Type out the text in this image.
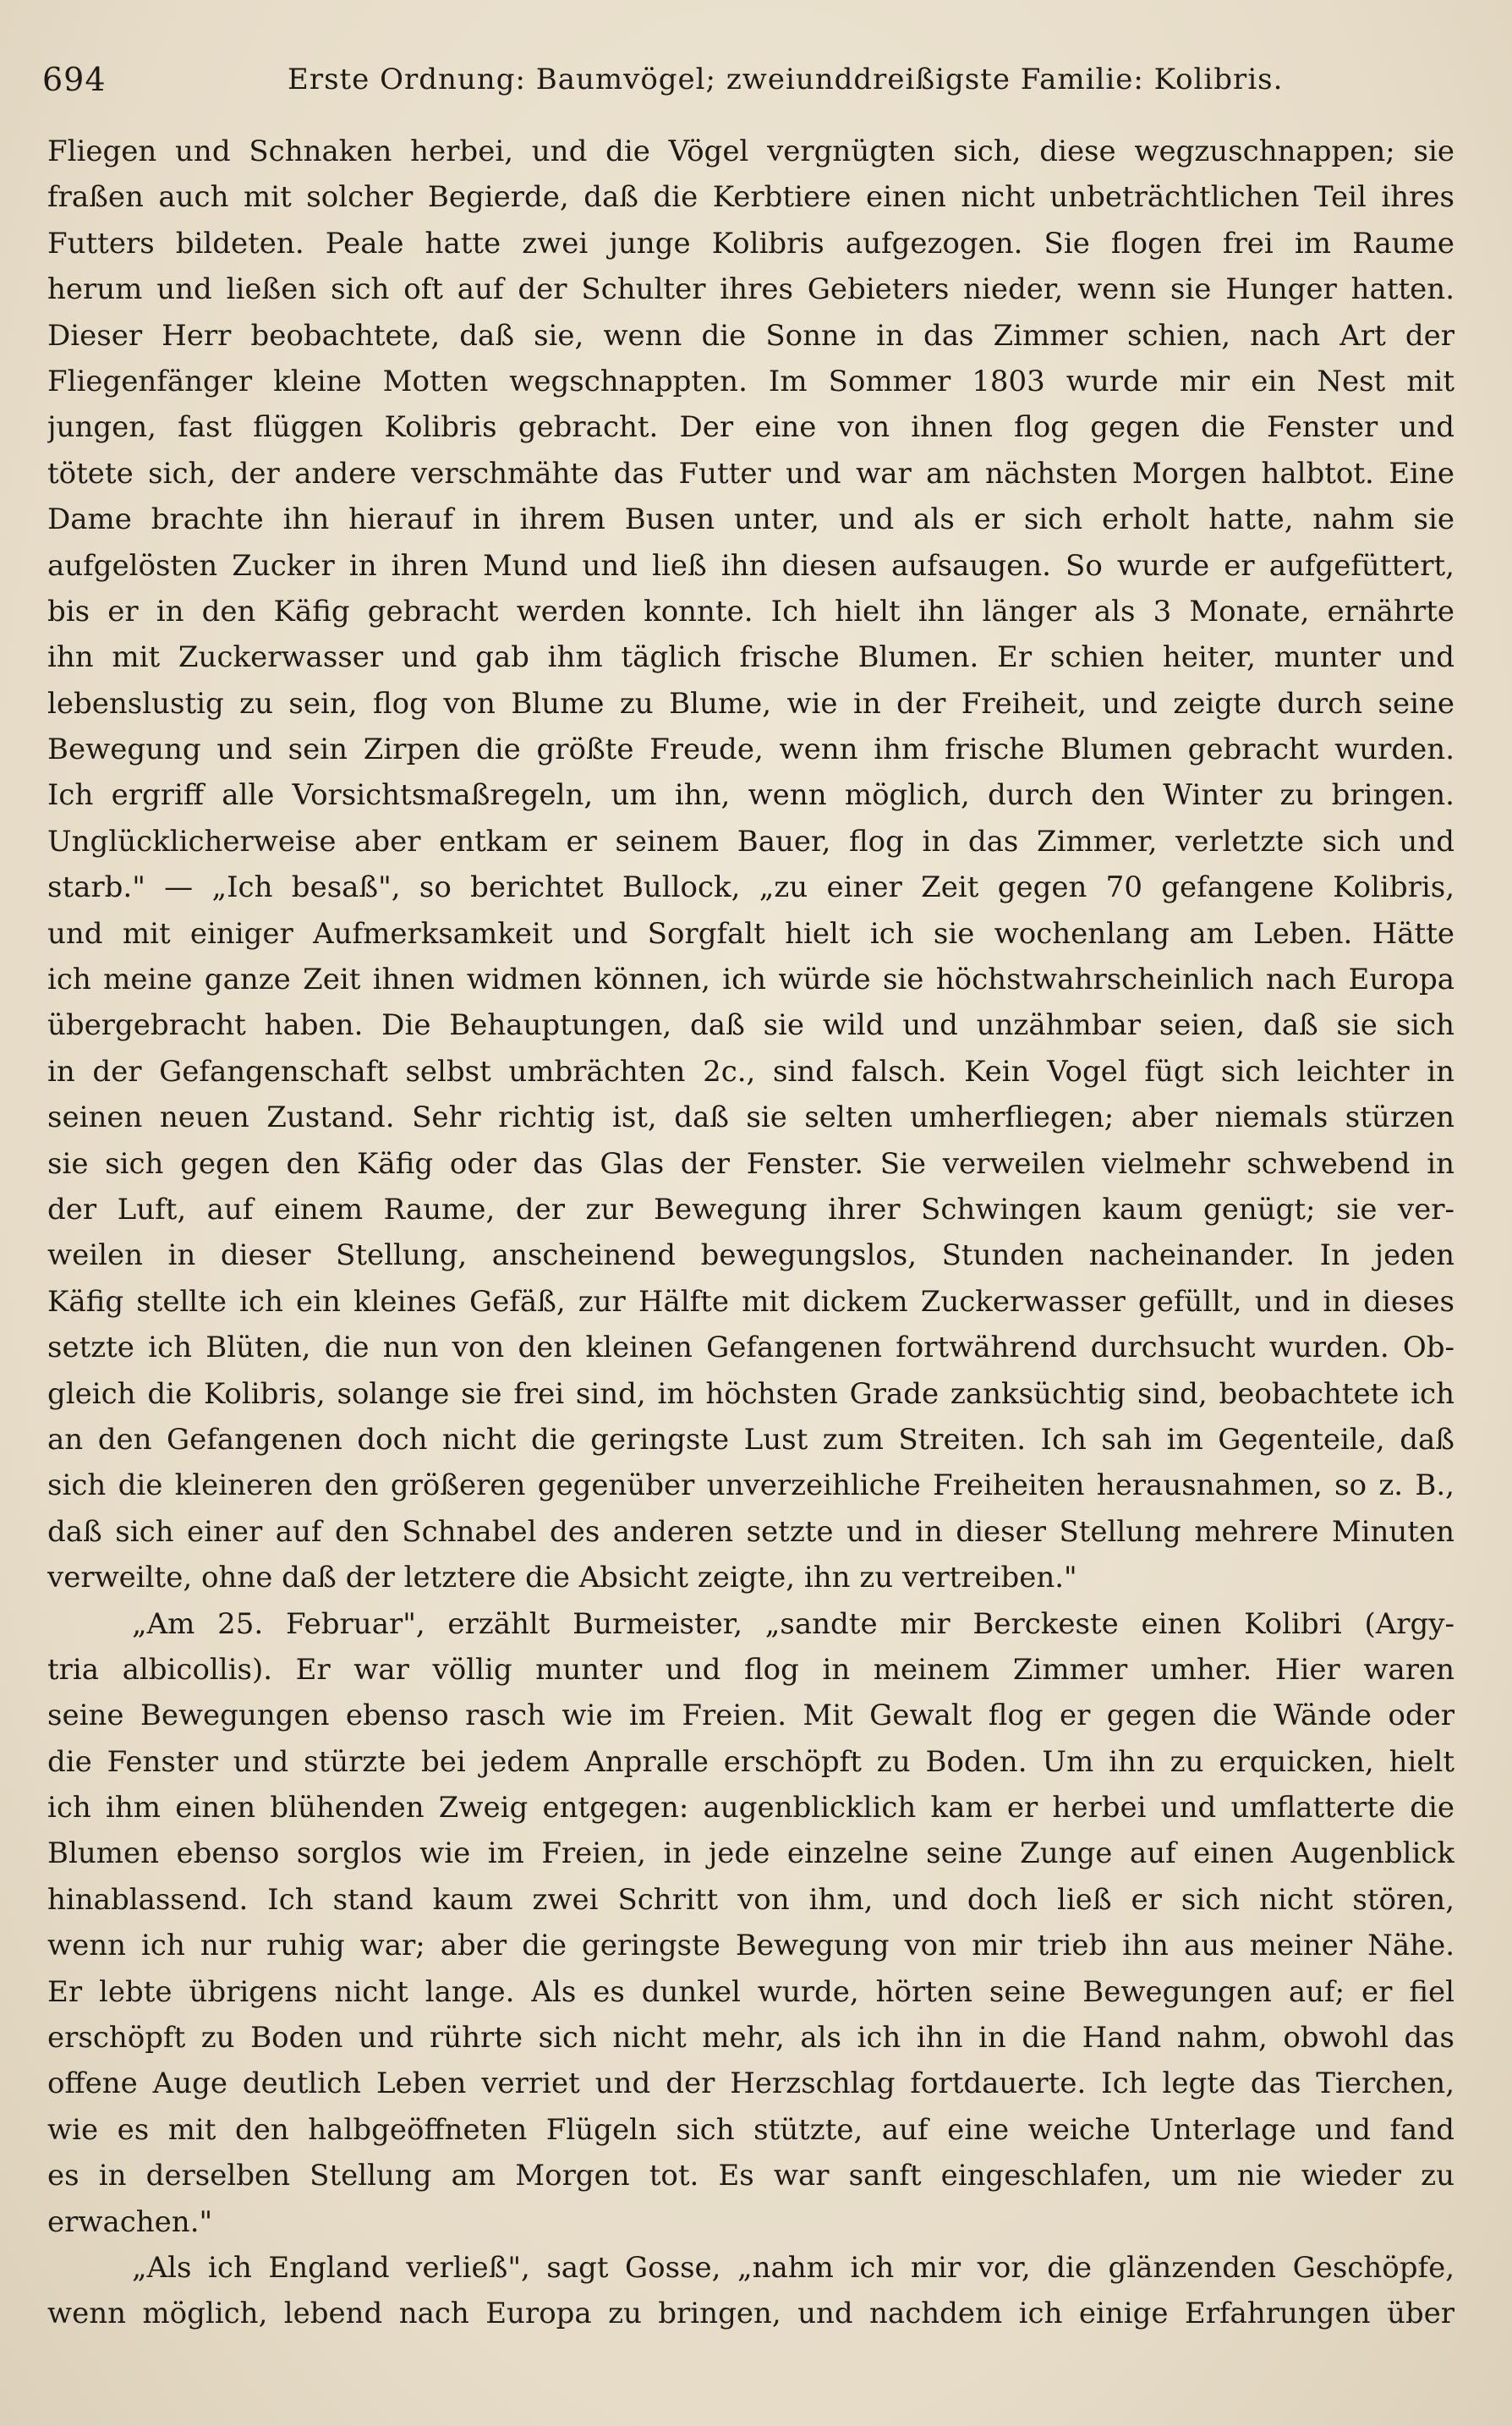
694	Erste Ordnung: Baumvögel; zweiunddreißigste Familie: Kolibris.
Fliegen und Schnaken herbei, und die Vögel vergnügten sich, diese wegzuschnappen; sie
fraßen auch mit solcher Begierde, daß die Kerbtiere einen nicht unbeträchtlichen Teil ihres
Futters bildeten. Peale hatte zwei junge Kolibris aufgezogen. Sie flogen frei im Raume
herum und ließen sich oft auf der Schulter ihres Gebieters nieder, wenn sie Hunger hatten.
Dieser Herr beobachtete, daß sie, wenn die Sonne in das Zimmer schien, nach Art der
Fliegenfänger kleine Motten wegschnappten. Im Sommer 1803 wurde mir ein Nest mit
jungen, fast flüggen Kolibris gebracht. Der eine von ihnen flog gegen die Fenster und
tötete sich, der andere verschmähte das Futter und war am nächsten Morgen halbtot. Eine
Dame brachte ihn hierauf in ihrem Busen unter, und als er sich erholt hatte, nahm sie
aufgelösten Zucker in ihren Mund und ließ ihn diesen aufsaugen. So wurde er aufgefüttert,
bis er in den Käfig gebracht werden konnte. Ich hielt ihn länger als 3 Monate, ernährte
ihn mit Zuckerwasser und gab ihm täglich frische Blumen. Er schien heiter, munter und
lebenslustig zu sein, flog von Blume zu Blume, wie in der Freiheit, und zeigte durch seine
Bewegung und sein Zirpen die größte Freude, wenn ihm frische Blumen gebracht wurden.
Ich ergriff alle Vorsichtsmaßregeln, um ihn, wenn möglich, durch den Winter zu bringen.
Unglücklicherweise aber entkam er seinem Bauer, flog in das Zimmer, verletzte sich und
starb." — „Ich besaß", so berichtet Bullock, „zu einer Zeit gegen 70 gefangene Kolibris,
und mit einiger Aufmerksamkeit und Sorgfalt hielt ich sie wochenlang am Leben. Hätte
ich meine ganze Zeit ihnen widmen können, ich würde sie höchstwahrscheinlich nach Europa
übergebracht haben. Die Behauptungen, daß sie wild und unzähmbar seien, daß sie sich
in der Gefangenschaft selbst umbrächten 2c., sind falsch. Kein Vogel fügt sich leichter in
seinen neuen Zustand. Sehr richtig ist, daß sie selten umherfliegen; aber niemals stürzen
sie sich gegen den Käfig oder das Glas der Fenster. Sie verweilen vielmehr schwebend in
der Luft, auf einem Raume, der zur Bewegung ihrer Schwingen kaum genügt; sie ver-
weilen in dieser Stellung, anscheinend bewegungslos, Stunden nacheinander. In jeden
Käfig stellte ich ein kleines Gefäß, zur Hälfte mit dickem Zuckerwasser gefüllt, und in dieses
setzte ich Blüten, die nun von den kleinen Gefangenen fortwährend durchsucht wurden. Ob-
gleich die Kolibris, solange sie frei sind, im höchsten Grade zanksüchtig sind, beobachtete ich
an den Gefangenen doch nicht die geringste Lust zum Streiten. Ich sah im Gegenteile, daß
sich die kleineren den größeren gegenüber unverzeihliche Freiheiten herausnahmen, so z. B.,
daß sich einer auf den Schnabel des anderen setzte und in dieser Stellung mehrere Minuten
verweilte, ohne daß der letztere die Absicht zeigte, ihn zu vertreiben."
„Am 25. Februar", erzählt Burmeister, „sandte mir Berckeste einen Kolibri (Argy-
tria albicollis). Er war völlig munter und flog in meinem Zimmer umher. Hier waren
seine Bewegungen ebenso rasch wie im Freien. Mit Gewalt flog er gegen die Wände oder
die Fenster und stürzte bei jedem Anpralle erschöpft zu Boden. Um ihn zu erquicken, hielt
ich ihm einen blühenden Zweig entgegen: augenblicklich kam er herbei und umflatterte die
Blumen ebenso sorglos wie im Freien, in jede einzelne seine Zunge auf einen Augenblick
hinablassend. Ich stand kaum zwei Schritt von ihm, und doch ließ er sich nicht stören,
wenn ich nur ruhig war; aber die geringste Bewegung von mir trieb ihn aus meiner Nähe.
Er lebte übrigens nicht lange. Als es dunkel wurde, hörten seine Bewegungen auf; er fiel
erschöpft zu Boden und rührte sich nicht mehr, als ich ihn in die Hand nahm, obwohl das
offene Auge deutlich Leben verriet und der Herzschlag fortdauerte. Ich legte das Tierchen,
wie es mit den halbgeöffneten Flügeln sich stützte, auf eine weiche Unterlage und fand
es in derselben Stellung am Morgen tot. Es war sanft eingeschlafen, um nie wieder zu
erwachen."
„Als ich England verließ", sagt Gosse, „nahm ich mir vor, die glänzenden Geschöpfe,
wenn möglich, lebend nach Europa zu bringen, und nachdem ich einige Erfahrungen über
